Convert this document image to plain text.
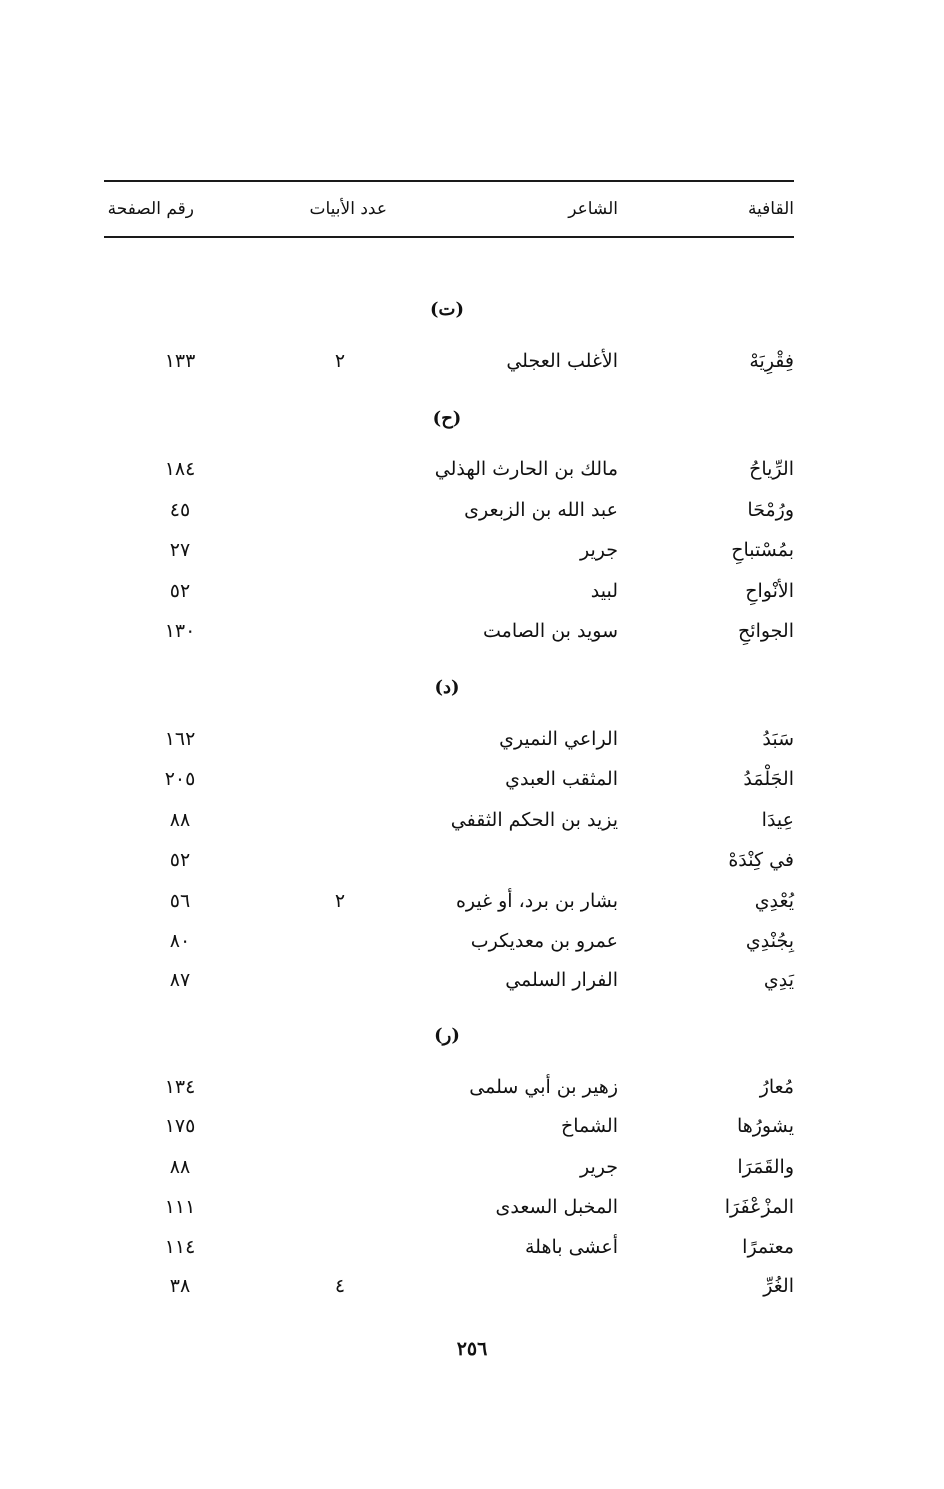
القافية
الشاعر
عدد الأبيات
رقم الصفحة
(ت)
فِقْرِيَهْ
الأغلب العجلي
٢
١٣٣
(ح)
الرِّياحُ
مالك بن الحارث الهذلي
١٨٤
ورُمْحَا
عبد الله بن الزبعرى
٤٥
بمُسْتباحِ
جرير
٢٧
الأنْواحِ
لبيد
٥٢
الجوائحِ
سويد بن الصامت
١٣٠
(د)
سَبَدُ
الراعي النميري
١٦٢
الجَلْمَدُ
المثقب العبدي
٢٠٥
عِيدَا
يزيد بن الحكم الثقفي
٨٨
في كِنْدَهْ
٥٢
يُعْدِي
بشار بن برد، أو غيره
٢
٥٦
بِجُنْدِي
عمرو بن معديكرب
٨٠
يَدِي
الفرار السلمي
٨٧
(ر)
مُعارُ
زهير بن أبي سلمى
١٣٤
يشورُها
الشماخ
١٧٥
والقَمَرَا
جرير
٨٨
المزْعْفَرَا
المخبل السعدى
١١١
معتمرًا
أعشى باهلة
١١٤
الغُرِّ
٤
٣٨
٢٥٦
